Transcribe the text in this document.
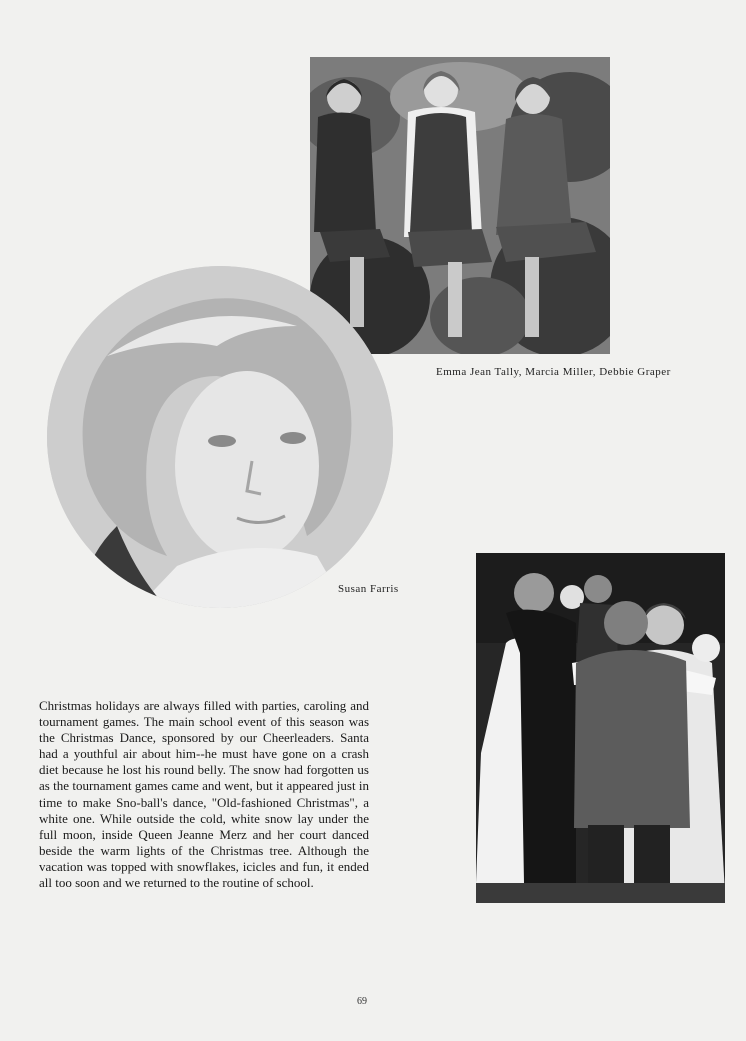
Emma Jean Tally, Marcia Miller, Debbie Graper
Susan Farris

Christmas holidays are always filled with parties, caroling and tournament games. The main school event of this season was the Christmas Dance, sponsored by our Cheerleaders. Santa had a youthful air about him--he must have gone on a crash diet because he lost his round belly. The snow had forgotten us as the tournament games came and went, but it appeared just in time to make Sno-ball's dance, "Old-fashioned Christmas", a white one. While outside the cold, white snow lay under the full moon, inside Queen Jeanne Merz and her court danced beside the warm lights of the Christmas tree. Although the vacation was topped with snowflakes, icicles and fun, it ended all too soon and we returned to the routine of school.

69
